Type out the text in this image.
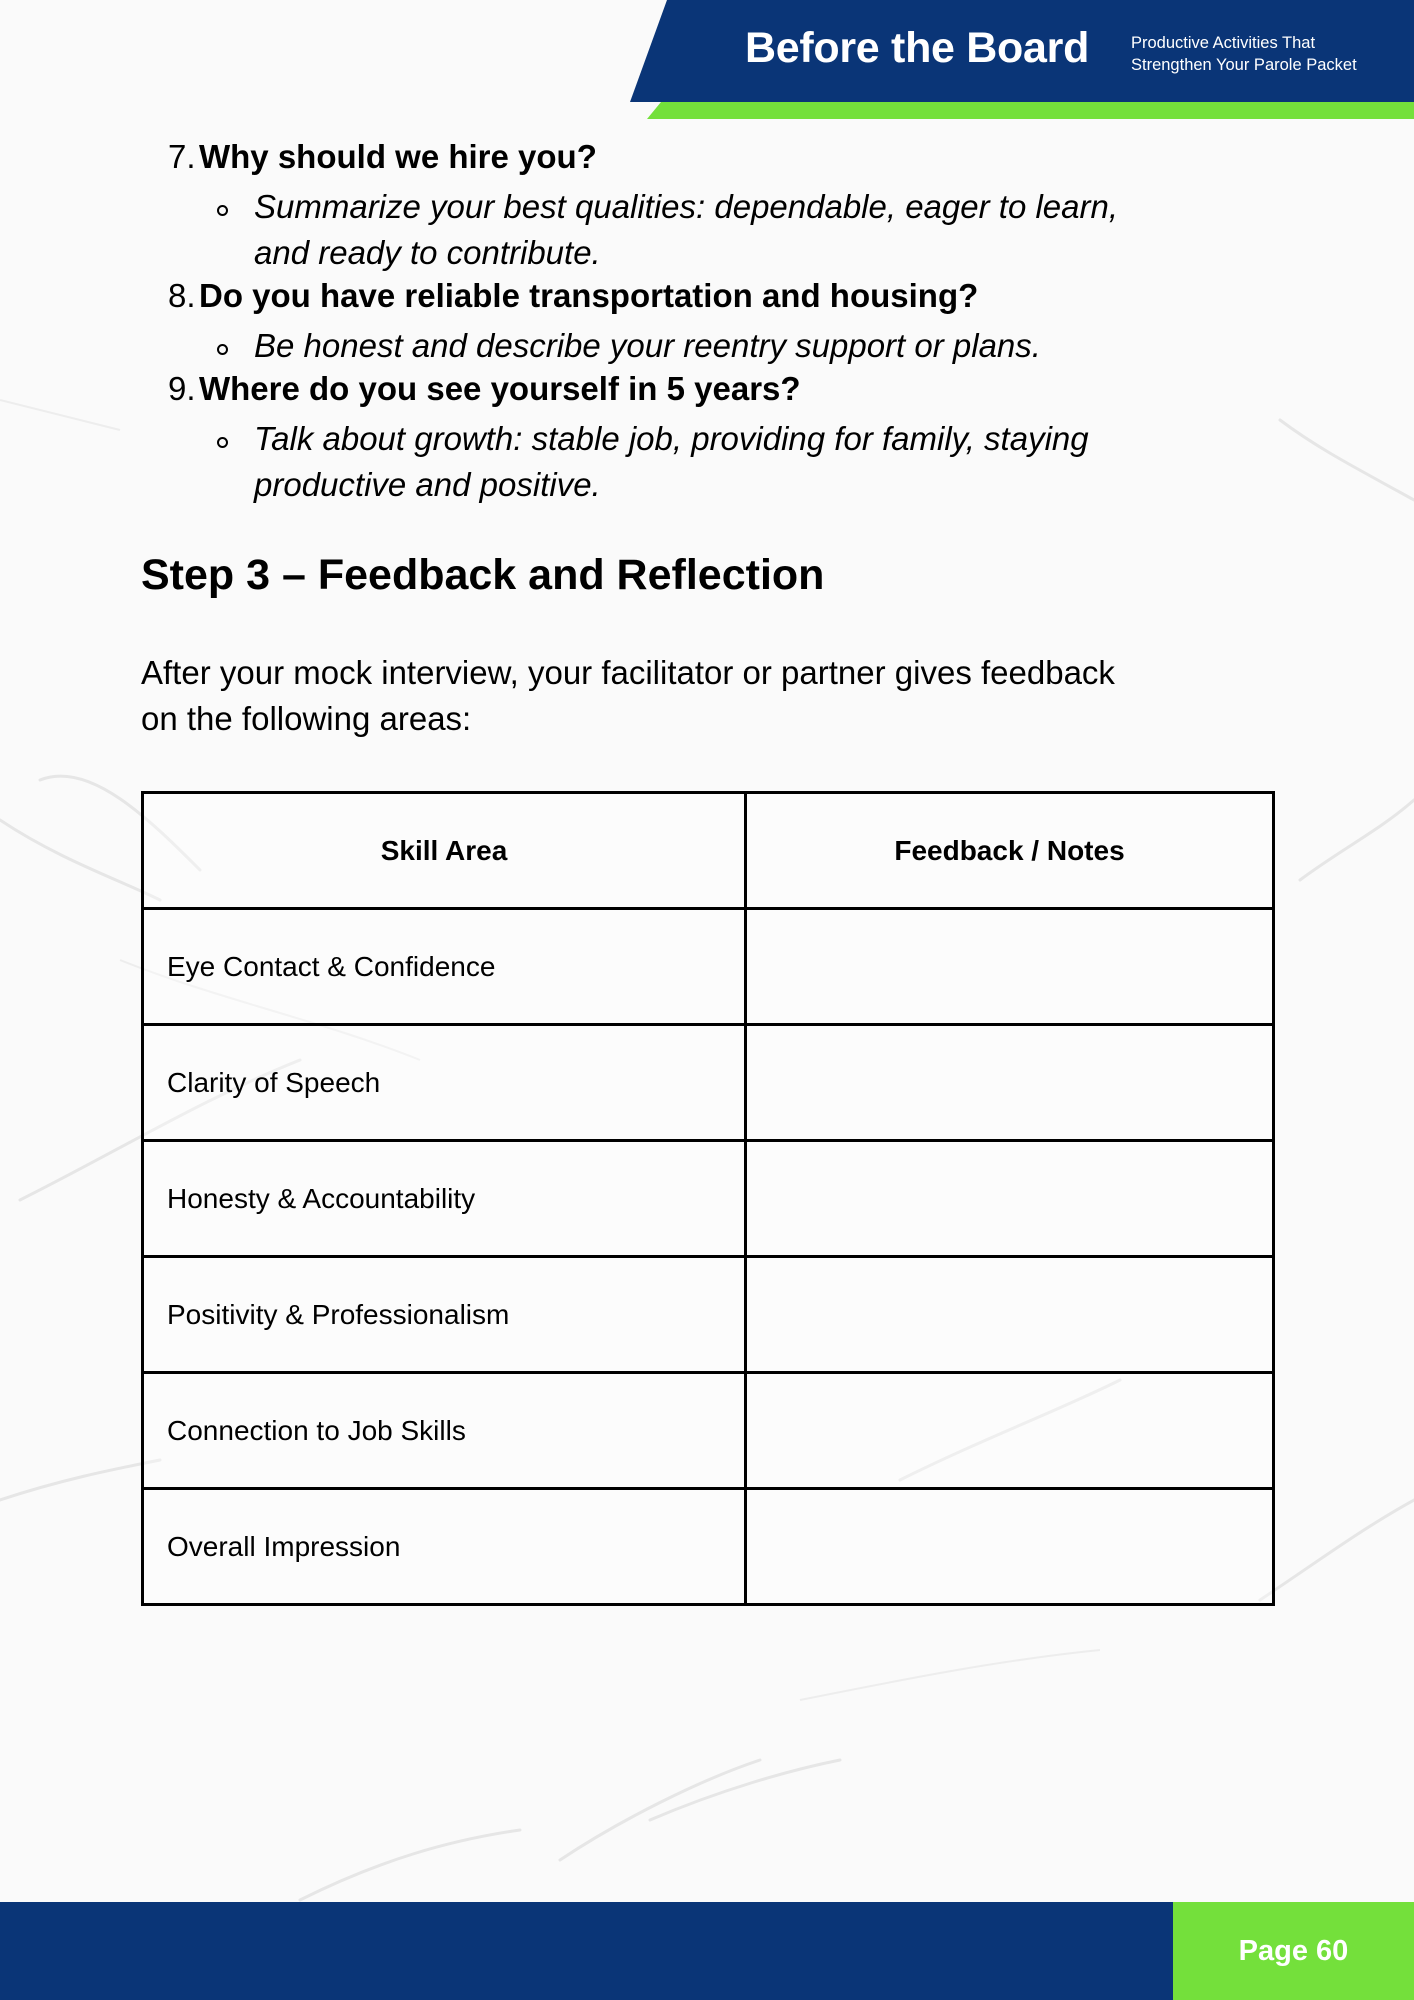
Before the Board	Productive Activities That
Strengthen Your Parole Packet
7. Why should we hire you?
Summarize your best qualities: dependable, eager to learn,
and ready to contribute.
8. Do you have reliable transportation and housing?
Be honest and describe your reentry support or plans.
9. Where do you see yourself in 5 years?
Talk about growth: stable job, providing for family, staying
productive and positive.
Step 3 – Feedback and Reflection
After your mock interview, your facilitator or partner gives feedback
on the following areas:
Skill Area	Feedback / Notes
Eye Contact & Confidence	
Clarity of Speech	
Honesty & Accountability	
Positivity & Professionalism	
Connection to Job Skills	
Overall Impression	
Page 60
